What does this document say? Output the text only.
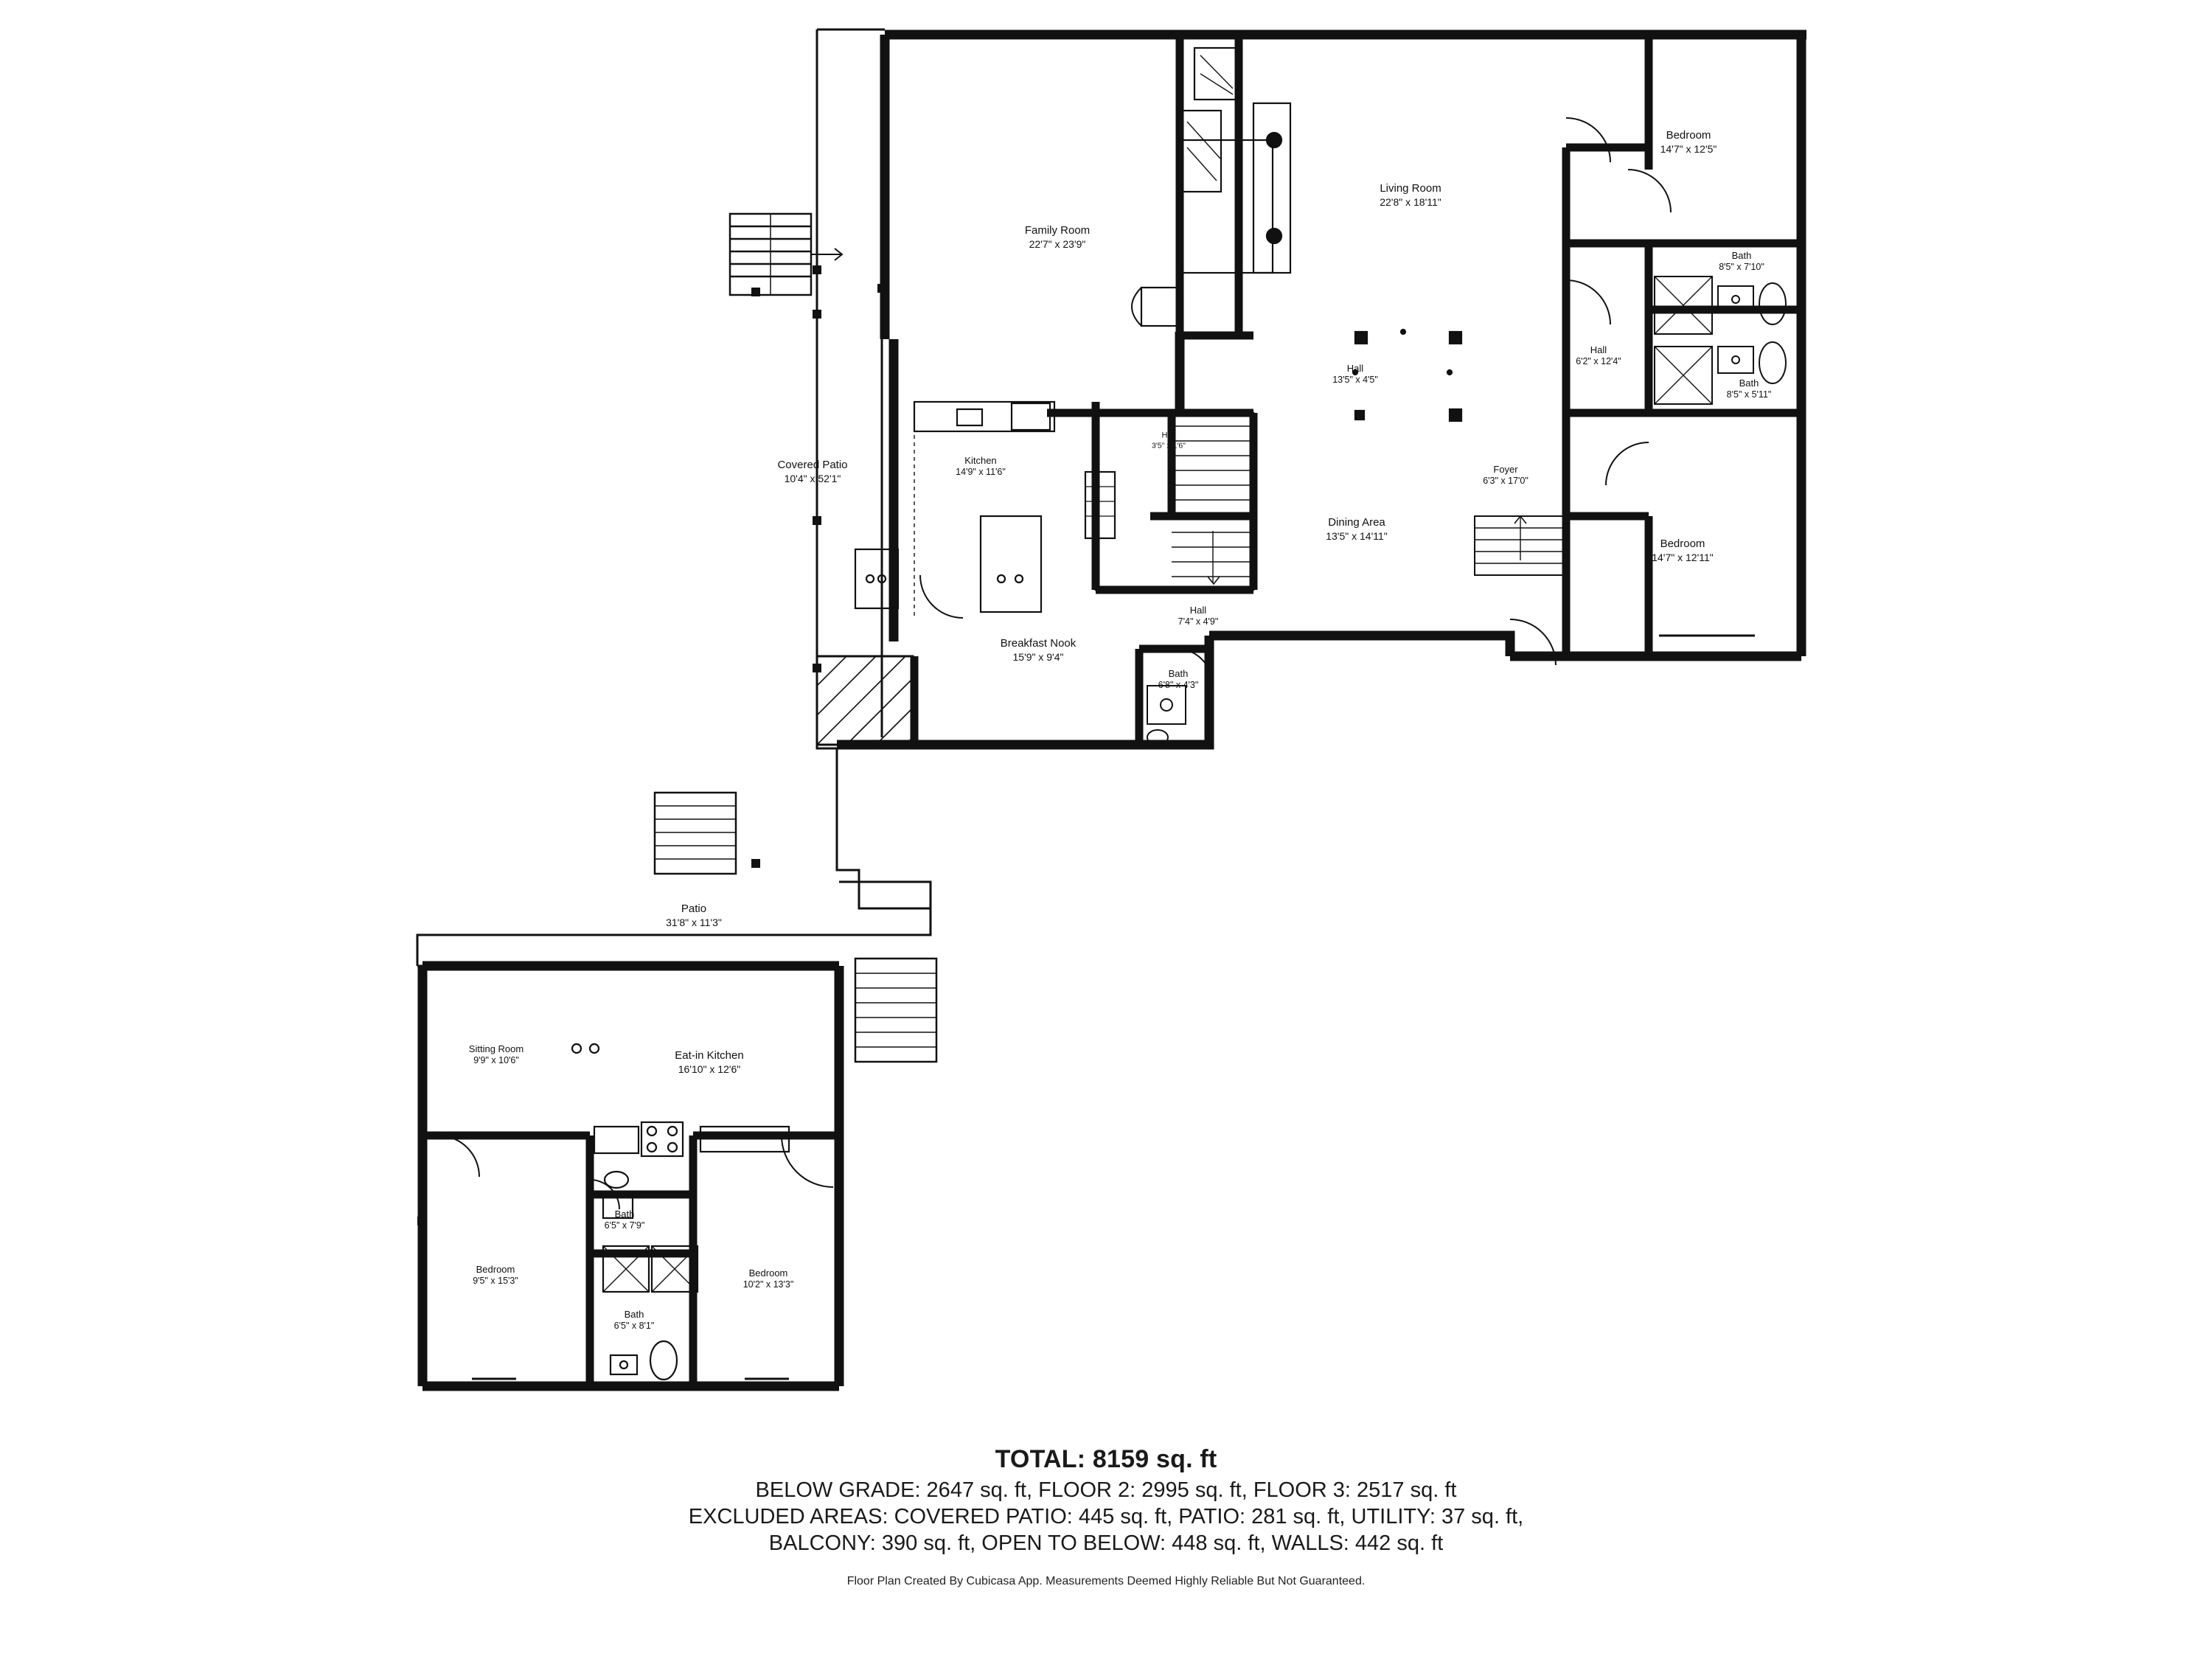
Bedroom
14'7" x 12'5"
Living Room
22'8" x 18'11"
Family Room
22'7" x 23'9"
Bath
8'5" x 7'10"
Hall
13'5" x 4'5"
Hall
6'2" x 12'4"
Bath
8'5" x 5'11"
Hall
3'5" x 1'6"
Covered Patio
10'4" x 52'1"
Kitchen
14'9" x 11'6"	Foyer
6'3" x 17'0"
Dining Area
13'5" x 14'11"
Bedroom
14'7" x 12'11"
Hall
7'4" x 4'9"
Breakfast Nook
15'9" x 9'4"
Bath
6'8" x 4'3"
Patio
31'8" x 11'3"
Sitting Room
9'9" x 10'6"	Eat-in Kitchen
16'10" x 12'6"
Bath
6'5" x 7'9"
Bedroom
9'5" x 15'3"
Bedroom
10'2" x 13'3"
Bath
6'5" x 8'1"
TOTAL: 8159 sq. ft
BELOW GRADE: 2647 sq. ft, FLOOR 2: 2995 sq. ft, FLOOR 3: 2517 sq. ft
EXCLUDED AREAS: COVERED PATIO: 445 sq. ft, PATIO: 281 sq. ft, UTILITY: 37 sq. ft,
BALCONY: 390 sq. ft, OPEN TO BELOW: 448 sq. ft, WALLS: 442 sq. ft
Floor Plan Created By Cubicasa App. Measurements Deemed Highly Reliable But Not Guaranteed.
